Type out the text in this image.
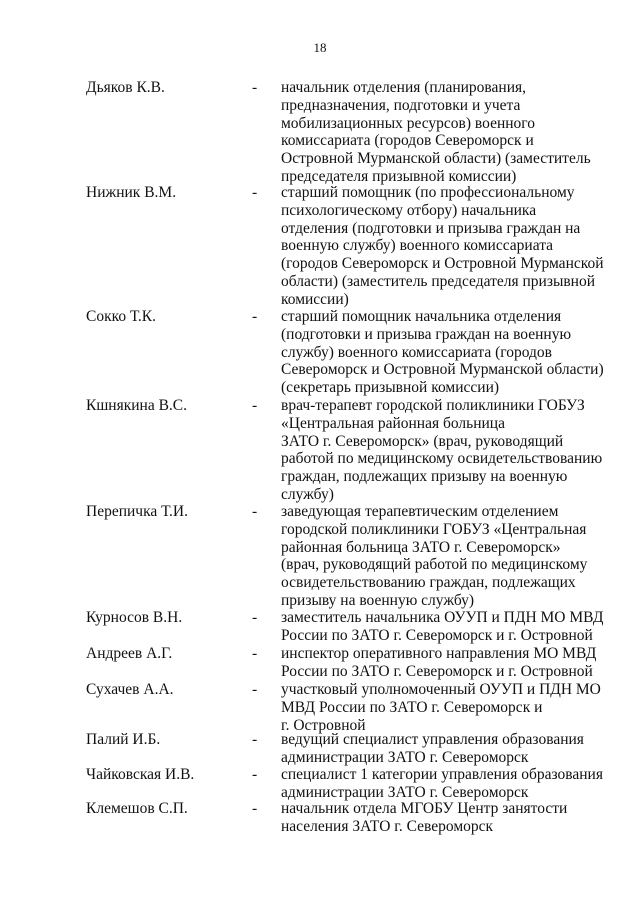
18
Дьяков К.В.	- начальник отделения (планирования,
предназначения, подготовки и учета
мобилизационных ресурсов) военного
комиссариата (городов Североморск и
Островной Мурманской области) (заместитель
председателя призывной комиссии)
Нижник В.М.	- старший помощник (по профессиональному
психологическому отбору) начальника
отделения (подготовки и призыва граждан на
военную службу) военного комиссариата
(городов Североморск и Островной Мурманской
области) (заместитель председателя призывной
комиссии)
Сокко Т.К.	- старший помощник начальника отделения
(подготовки и призыва граждан на военную
службу) военного комиссариата (городов
Североморск и Островной Мурманской области)
(секретарь призывной комиссии)
Кшнякина В.С.	- врач-терапевт городской поликлиники ГОБУЗ
«Центральная районная больница
ЗАТО г. Североморск» (врач, руководящий
работой по медицинскому освидетельствованию
граждан, подлежащих призыву на военную
службу)
Перепичка Т.И.	- заведующая терапевтическим отделением
городской поликлиники ГОБУЗ «Центральная
районная больница ЗАТО г. Североморск»
(врач, руководящий работой по медицинскому
освидетельствованию граждан, подлежащих
призыву на военную службу)
Курносов В.Н.	- заместитель начальника ОУУП и ПДН МО МВД
России по ЗАТО г. Североморск и г. Островной
Андреев А.Г.	- инспектор оперативного направления МО МВД
России по ЗАТО г. Североморск и г. Островной
Сухачев А.А.	- участковый уполномоченный ОУУП и ПДН МО
МВД России по ЗАТО г. Североморск и
г. Островной
Палий И.Б.	- ведущий специалист управления образования
администрации ЗАТО г. Североморск
Чайковская И.В.	- специалист 1 категории управления образования
администрации ЗАТО г. Североморск
Клемешов С.П.	- начальник отдела МГОБУ Центр занятости
населения ЗАТО г. Североморск
